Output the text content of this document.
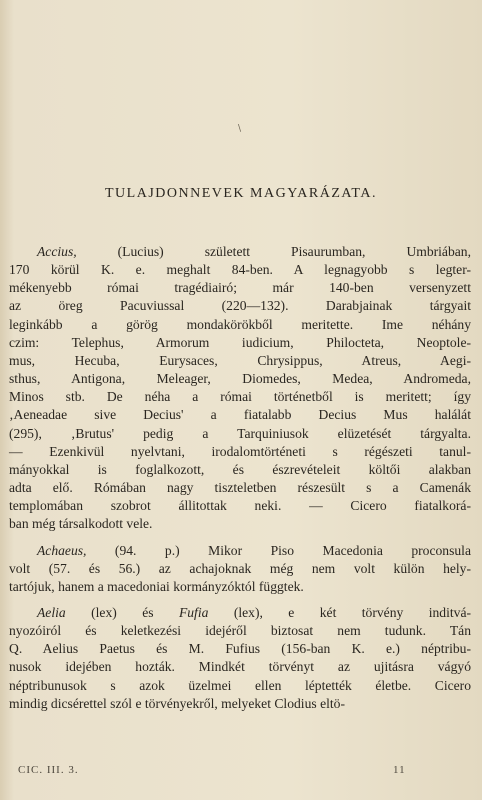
\
TULAJDONNEVEK MAGYARÁZATA.
Accius, (Lucius) született Pisaurumban, Umbriában,
170 körül K. e. meghalt 84-ben. A legnagyobb s legter-
mékenyebb római tragédiairó; már 140-ben versenyzett
az öreg Pacuviussal (220—132). Darabjainak tárgyait
leginkább a görög mondakörökből meritette. Ime néhány
czim: Telephus, Armorum iudicium, Philocteta, Neoptole-
mus, Hecuba, Eurysaces, Chrysippus, Atreus, Aegi-
sthus, Antigona, Meleager, Diomedes, Medea, Andromeda,
Minos stb. De néha a római történetből is meritett; így
‚Aeneadae sive Decius' a fiatalabb Decius Mus halálát
(295), ‚Brutus' pedig a Tarquiniusok elüzetését tárgyalta.
— Ezenkivül nyelvtani, irodalomtörténeti s régészeti tanul-
mányokkal is foglalkozott, és észrevételeit költői alakban
adta elő. Rómában nagy tiszteletben részesült s a Camenák
templomában szobrot állitottak neki. — Cicero fiatalkorá-
ban még társalkodott vele.
Achaeus, (94. p.) Mikor Piso Macedonia proconsula
volt (57. és 56.) az achajoknak még nem volt külön hely-
tartójuk, hanem a macedoniai kormányzóktól függtek.
Aelia (lex) és Fufia (lex), e két törvény inditvá-
nyozóiról és keletkezési idejéről biztosat nem tudunk. Tán
Q. Aelius Paetus és M. Fufius (156-ban K. e.) néptribu-
nusok idejében hozták. Mindkét törvényt az ujitásra vágyó
néptribunusok s azok üzelmei ellen léptették életbe. Cicero
mindig dicsérettel szól e törvényekről, melyeket Clodius eltö-
CIC. III. 3.	11
